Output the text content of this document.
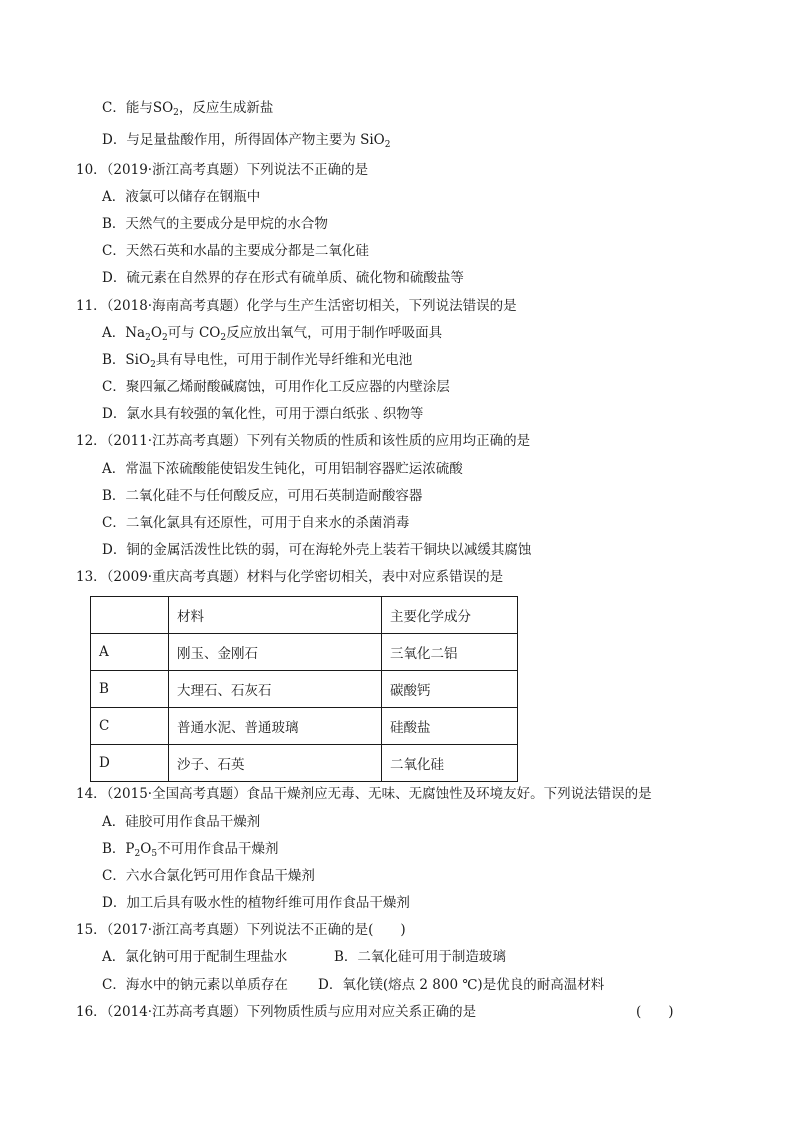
C．能与$SO_2$，反应生成新盐
D．与足量盐酸作用，所得固体产物主要为 SiO$_2$
10．（2019·浙江高考真题）下列说法不正确的是
A．液氯可以储存在钢瓶中
B．天然气的主要成分是甲烷的水合物
C．天然石英和水晶的主要成分都是二氧化硅
D．硫元素在自然界的存在形式有硫单质、硫化物和硫酸盐等
11．（2018·海南高考真题）化学与生产生活密切相关，下列说法错误的是
A．$Na_2O_2$可与 $CO_2$反应放出氧气，可用于制作呼吸面具
B．SiO$_2$具有导电性，可用于制作光导纤维和光电池
C．聚四氟乙烯耐酸碱腐蚀，可用作化工反应器的内壁涂层
D．氯水具有较强的氧化性，可用于漂白纸张﹑织物等
12．（2011·江苏高考真题）下列有关物质的性质和该性质的应用均正确的是
A．常温下浓硫酸能使铝发生钝化，可用铝制容器贮运浓硫酸
B．二氧化硅不与任何酸反应，可用石英制造耐酸容器
C．二氧化氯具有还原性，可用于自来水的杀菌消毒
D．铜的金属活泼性比铁的弱，可在海轮外壳上装若干铜块以减缓其腐蚀
13．（2009·重庆高考真题）材料与化学密切相关，表中对应系错误的是
	材料	主要化学成分
A	刚玉、金刚石	三氧化二铝
B	大理石、石灰石	碳酸钙
C	普通水泥、普通玻璃	硅酸盐
D	沙子、石英	二氧化硅
14．（2015·全国高考真题）食品干燥剂应无毒、无味、无腐蚀性及环境友好。下列说法错误的是
A．硅胶可用作食品干燥剂
B．$P_2O_5$不可用作食品干燥剂
C．六水合氯化钙可用作食品干燥剂
D．加工后具有吸水性的植物纤维可用作食品干燥剂
15．（2017·浙江高考真题）下列说法不正确的是(　　)
A．氯化钠可用于配制生理盐水	B．二氧化硅可用于制造玻璃
C．海水中的钠元素以单质存在 D．氧化镁(熔点 2 800 ℃)是优良的耐高温材料
16．（2014·江苏高考真题）下列物质性质与应用对应关系正确的是	(　　)
